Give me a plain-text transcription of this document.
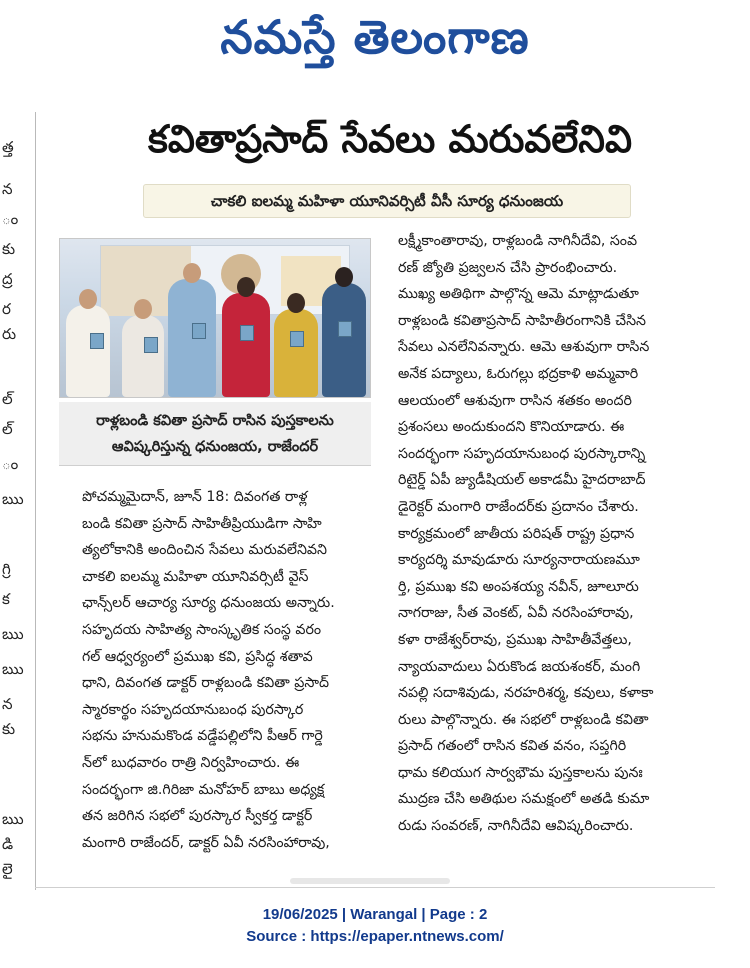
నమస్తే తెలంగాణ
త్త
న
ం
కు
ద్ర
ర
రు
ల్
ల్
ం
ఋ
గ్రి
క
ఋ
ఋ
న
కు
ఋ
డి
లై
కవితాప్రసాద్ సేవలు మరువలేనివి
చాకలి ఐలమ్మ మహిళా యూనివర్సిటీ వీసీ సూర్య ధనుంజయ
రాళ్లబండి కవితా ప్రసాద్ రాసిన పుస్తకాలను
ఆవిష్కరిస్తున్న ధనుంజయ, రాజేందర్
పోచమ్మమైదాన్, జూన్ 18: దివంగత రాళ్ల
బండి కవితా ప్రసాద్ సాహితీప్రియుడిగా సాహి
త్యలోకానికి అందించిన సేవలు మరువలేనివని
చాకలి ఐలమ్మ మహిళా యూనివర్సిటీ వైస్
ఛాన్స్‌లర్ ఆచార్య సూర్య ధనుంజయ అన్నారు.
సహృదయ సాహిత్య సాంస్కృతిక సంస్థ వరం
గల్ ఆధ్వర్యంలో ప్రముఖ కవి, ప్రసిద్ధ శతావ
ధాని, దివంగత డాక్టర్ రాళ్లబండి కవితా ప్రసాద్
స్మారకార్థం సహృదయానుబంధ పురస్కార
సభను హనుమకొండ వడ్డేపల్లిలోని పీఆర్ గార్డె
న్‌లో బుధవారం రాత్రి నిర్వహించారు. ఈ
సందర్భంగా జి.గిరిజా మనోహర్ బాబు అధ్యక్ష
తన జరిగిన సభలో పురస్కార స్వీకర్త డాక్టర్
మంగారి రాజేందర్, డాక్టర్ ఏవీ నరసింహారావు,
లక్ష్మీకాంతారావు, రాళ్లబండి నాగినీదేవి, సంవ
రణ్ జ్యోతి ప్రజ్వలన చేసి ప్రారంభించారు.
ముఖ్య అతిథిగా పాల్గొన్న ఆమె మాట్లాడుతూ
రాళ్లబండి కవితాప్రసాద్ సాహితీరంగానికి చేసిన
సేవలు ఎనలేనివన్నారు. ఆమె ఆశువుగా రాసిన
అనేక పద్యాలు, ఓరుగల్లు భద్రకాళి అమ్మవారి
ఆలయంలో ఆశువుగా రాసిన శతకం అందరి
ప్రశంసలు అందుకుందని కొనియాడారు. ఈ
సందర్భంగా సహృదయానుబంధ పురస్కారాన్ని
రిటైర్డ్ ఏపీ జ్యుడీషియల్ అకాడమీ హైదరాబాద్
డైరెక్టర్ మంగారి రాజేందర్‌కు ప్రదానం చేశారు.
కార్యక్రమంలో జాతీయ పరిషత్ రాష్ట్ర ప్రధాన
కార్యదర్శి మావుడూరు సూర్యనారాయణమూ
ర్తి, ప్రముఖ కవి అంపశయ్య నవీన్, జూలూరు
నాగరాజు, సీత వెంకట్, ఏవీ నరసింహారావు,
కళా రాజేశ్వర్‌రావు, ప్రముఖ సాహితీవేత్తలు,
న్యాయవాదులు ఏరుకొండ జయశంకర్, మంగి
నపల్లి సదాశివుడు, నరహరిశర్మ, కవులు, కళాకా
రులు పాల్గొన్నారు. ఈ సభలో రాళ్లబండి కవితా
ప్రసాద్ గతంలో రాసిన కవిత వనం, సప్తగిరి
ధామ కలియుగ సార్వభౌమ పుస్తకాలను పునః
ముద్రణ చేసి అతిథుల సమక్షంలో అతడి కుమా
రుడు సంవరణ్, నాగినీదేవి ఆవిష్కరించారు.
19/06/2025 | Warangal | Page : 2
Source : https://epaper.ntnews.com/
